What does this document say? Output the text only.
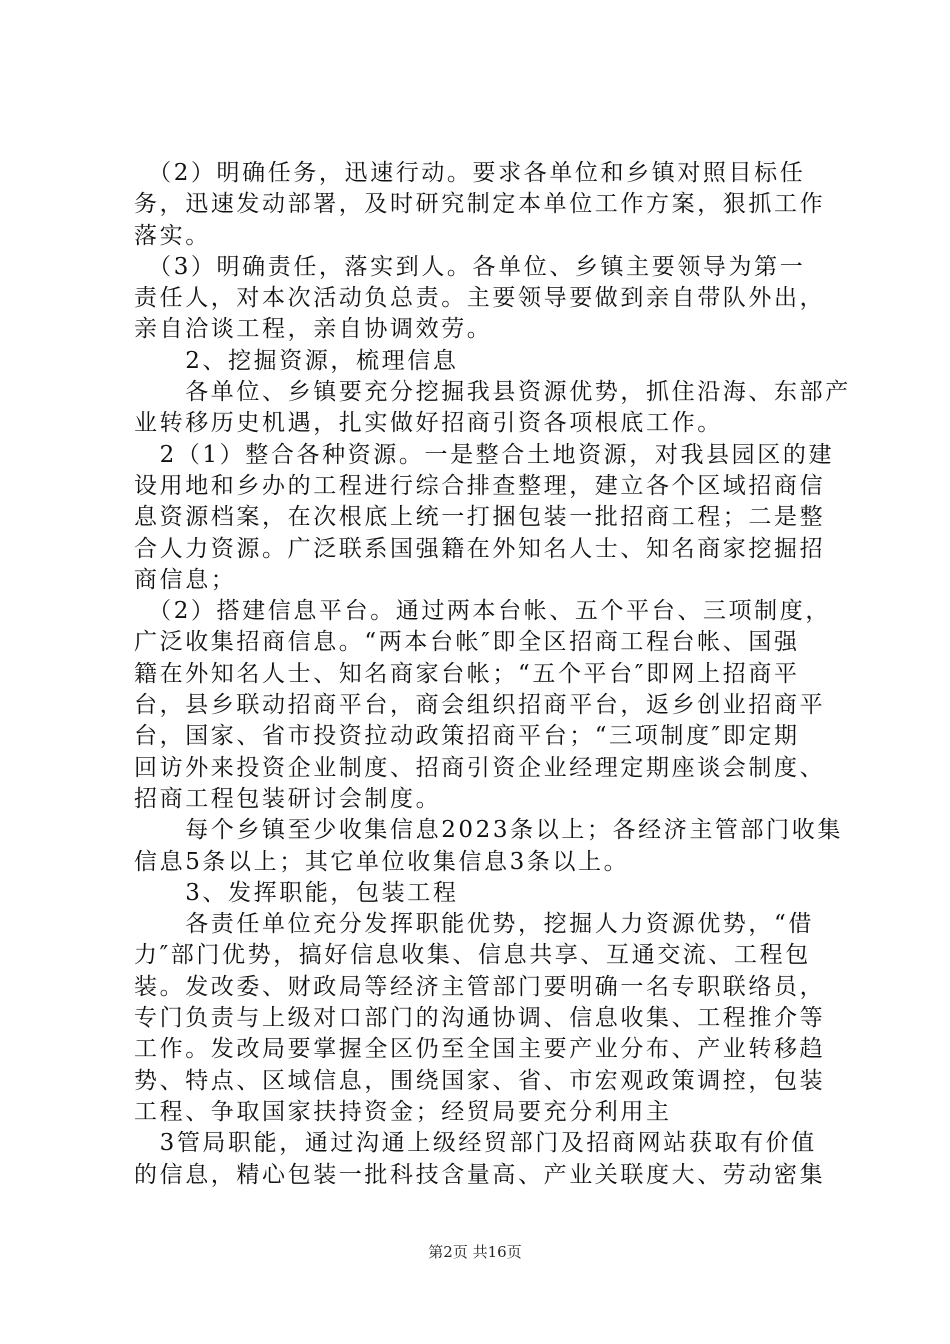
　（2）明确任务，迅速行动。要求各单位和乡镇对照目标任
务，迅速发动部署，及时研究制定本单位工作方案，狠抓工作
落实。
　（3）明确责任，落实到人。各单位、乡镇主要领导为第一
责任人，对本次活动负总责。主要领导要做到亲自带队外出，
亲自洽谈工程，亲自协调效劳。
　　2、挖掘资源，梳理信息
　　各单位、乡镇要充分挖掘我县资源优势，抓住沿海、东部产
业转移历史机遇，扎实做好招商引资各项根底工作。
　2（1）整合各种资源。一是整合土地资源，对我县园区的建
设用地和乡办的工程进行综合排查整理，建立各个区域招商信
息资源档案，在次根底上统一打捆包装一批招商工程；二是整
合人力资源。广泛联系国强籍在外知名人士、知名商家挖掘招
商信息；
　（2）搭建信息平台。通过两本台帐、五个平台、三项制度，
广泛收集招商信息。“两本台帐″即全区招商工程台帐、国强
籍在外知名人士、知名商家台帐；“五个平台″即网上招商平
台，县乡联动招商平台，商会组织招商平台，返乡创业招商平
台，国家、省市投资拉动政策招商平台；“三项制度″即定期
回访外来投资企业制度、招商引资企业经理定期座谈会制度、
招商工程包装研讨会制度。
　　每个乡镇至少收集信息2023条以上；各经济主管部门收集
信息5条以上；其它单位收集信息3条以上。
　　3、发挥职能，包装工程
　　各责任单位充分发挥职能优势，挖掘人力资源优势，“借
力″部门优势，搞好信息收集、信息共享、互通交流、工程包
装。发改委、财政局等经济主管部门要明确一名专职联络员，
专门负责与上级对口部门的沟通协调、信息收集、工程推介等
工作。发改局要掌握全区仍至全国主要产业分布、产业转移趋
势、特点、区域信息，围绕国家、省、市宏观政策调控，包装
工程、争取国家扶持资金；经贸局要充分利用主
　3管局职能，通过沟通上级经贸部门及招商网站获取有价值
的信息，精心包装一批科技含量高、产业关联度大、劳动密集
第2页 共16页
